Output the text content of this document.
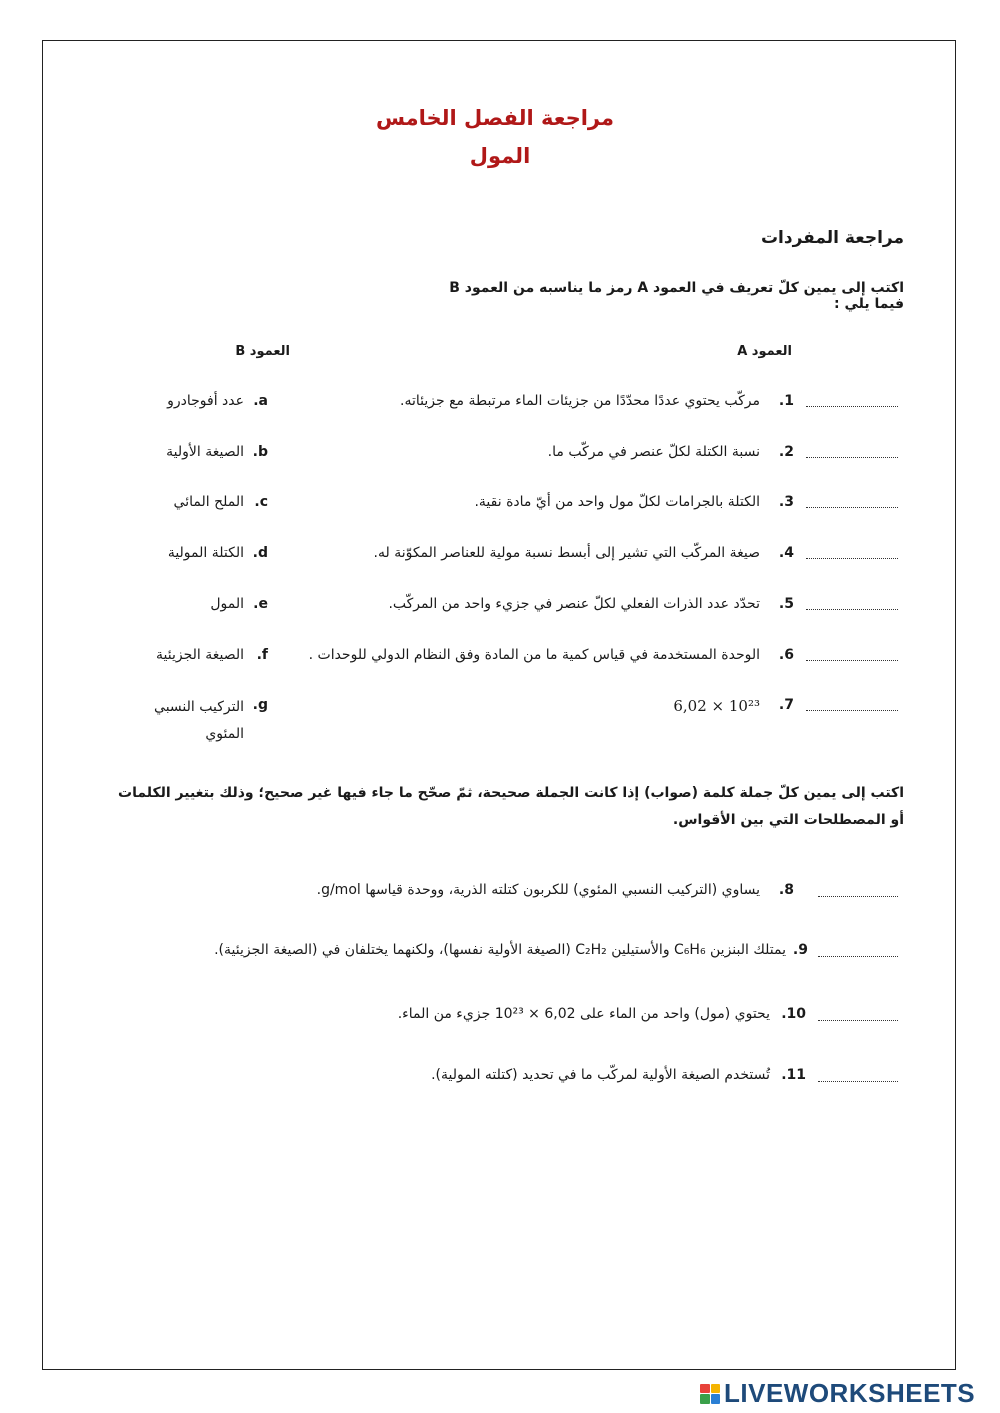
مراجعة الفصل الخامس
المول
مراجعة المفردات
اكتب إلى يمين كلّ تعريف في العمود A رمز ما يناسبه من العمود B فيما يلي :
العمود A
العمود B
مركّب يحتوي عددًا محدّدًا من جزيئات الماء مرتبطة مع جزيئاته.	1.
نسبة الكتلة لكلّ عنصر في مركّب ما.	2.
الكتلة بالجرامات لكلّ مول واحد من أيّ مادة نقية.	3.
صيغة المركّب التي تشير إلى أبسط نسبة مولية للعناصر المكوّنة له.	4.
تحدّد عدد الذرات الفعلي لكلّ عنصر في جزيء واحد من المركّب.	5.
الوحدة المستخدمة في قياس كمية ما من المادة وفق النظام الدولي للوحدات .	6.
6,02 × 10²³	7.
عدد أفوجادرو a.
الصيغة الأولية b.
الملح المائي c.
الكتلة المولية d.
المول e.
الصيغة الجزيئية f.
التركيب النسبي المئوي
g.
اكتب إلى يمين كلّ جملة كلمة (صواب) إذا كانت الجملة صحيحة، ثمّ صحّح ما جاء فيها غير صحيح؛ وذلك بتغيير الكلمات أو المصطلحات التي بين الأقواس.
يساوي (التركيب النسبي المئوي) للكربون كتلته الذرية، ووحدة قياسها g/mol.	8.
يمتلك البنزين C₆H₆ والأستيلين C₂H₂ (الصيغة الأولية نفسها)، ولكنهما يختلفان في (الصيغة الجزيئية). 9.
يحتوي (مول) واحد من الماء على 6,02 × 10²³ جزيء من الماء. 10.
تُستخدم الصيغة الأولية لمركّب ما في تحديد (كتلته المولية). 11.
LIVEWORKSHEETS
